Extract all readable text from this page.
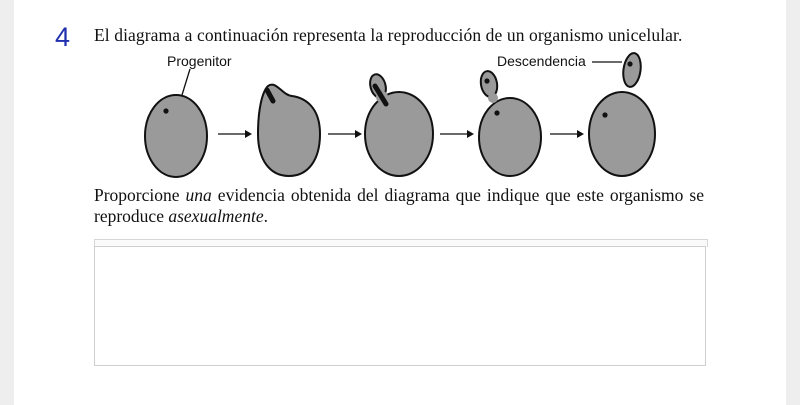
4 El diagrama a continuación representa la reproducción de un organismo unicelular.
Progenitor	Descendencia
Proporcione una evidencia obtenida del diagrama que indique que este organismo se reproduce asexualmente.
